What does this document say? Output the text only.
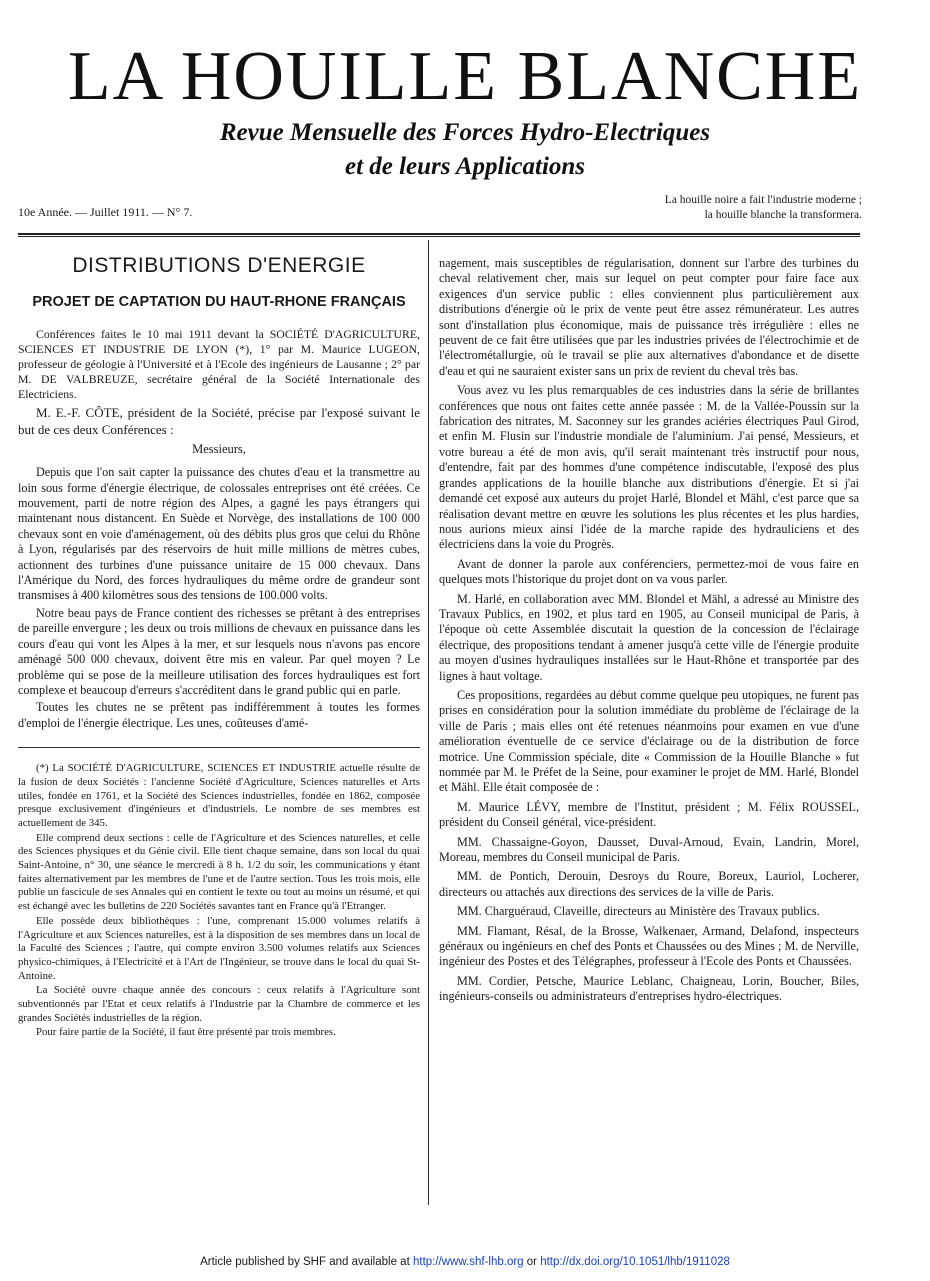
LA HOUILLE BLANCHE
Revue Mensuelle des Forces Hydro-Electriques
et de leurs Applications
10e Année. — Juillet 1911. — N° 7.
La houille noire a fait l'industrie moderne ;
la houille blanche la transformera.
DISTRIBUTIONS D'ENERGIE
PROJET DE CAPTATION DU HAUT-RHONE FRANÇAIS

Conférences faites le 10 mai 1911 devant la SOCIÉTÉ D'AGRICULTURE, SCIENCES ET INDUSTRIE DE LYON (*), 1° par M. Maurice LUGEON, professeur de géologie à l'Université et à l'Ecole des ingénieurs de Lausanne ; 2° par M. DE VALBREUZE, secrétaire général de la Société Internationale des Electriciens.

M. E.-F. CÔTE, président de la Société, précise par l'exposé suivant le but de ces deux Conférences :

Messieurs,

Depuis que l'on sait capter la puissance des chutes d'eau et la transmettre au loin sous forme d'énergie électrique, de colossales entreprises ont été créées. Ce mouvement, parti de notre région des Alpes, a gagné les pays étrangers qui maintenant nous distancent. En Suède et Norvège, des installations de 100 000 chevaux sont en voie d'aménagement, où des débits plus gros que celui du Rhône à Lyon, régularisés par des réservoirs de huit mille millions de mètres cubes, actionnent des turbines d'une puissance unitaire de 15 000 chevaux. Dans l'Amérique du Nord, des forces hydrauliques du même ordre de grandeur sont transmises à 400 kilomètres sous des tensions de 100.000 volts.

Notre beau pays de France contient des richesses se prêtant à des entreprises de pareille envergure ; les deux ou trois millions de chevaux en puissance dans les cours d'eau qui vont les Alpes à la mer, et sur lesquels nous n'avons pas encore aménagé 500 000 chevaux, doivent être mis en valeur. Par quel moyen ? Le problème qui se pose de la meilleure utilisation des forces hydrauliques est fort complexe et beaucoup d'erreurs s'accréditent dans le grand public qui en parle.

Toutes les chutes ne se prêtent pas indifféremment à toutes les formes d'emploi de l'énergie électrique. Les unes, coûteuses d'amé-

(*) La SOCIÉTÉ D'AGRICULTURE, SCIENCES ET INDUSTRIE actuelle résulte de la fusion de deux Sociétés : l'ancienne Société d'Agriculture, Sciences naturelles et Arts utiles, fondée en 1761, et la Société des Sciences industrielles, fondée en 1862, composée presque exclusivement d'ingénieurs et d'industriels. Le nombre de ses membres est actuellement de 345.

Elle comprend deux sections : celle de l'Agriculture et des Sciences naturelles, et celle des Sciences physiques et du Génie civil. Elle tient chaque semaine, dans son local du quai Saint-Antoine, n° 30, une séance le mercredi à 8 h. 1/2 du soir, les communications y étant faites alternativement par les membres de l'une et de l'autre section. Tous les trois mois, elle publie un fascicule de ses Annales qui en contient le texte ou tout au moins un résumé, et qui est échangé avec les bulletins de 220 Sociétés savantes tant en France qu'à l'Etranger.

Elle possède deux bibliothèques : l'une, comprenant 15.000 volumes relatifs à l'Agriculture et aux Sciences naturelles, est à la disposition de ses membres dans un local de la Faculté des Sciences ; l'autre, qui compte environ 3.500 volumes relatifs aux Sciences physico-chimiques, à l'Electricité et à l'Art de l'Ingénieur, se trouve dans le local du quai St-Antoine.

La Société ouvre chaque année des concours : ceux relatifs à l'Agriculture sont subventionnés par l'Etat et ceux relatifs à l'Industrie par la Chambre de commerce et les grandes Sociétés industrielles de la région.

Pour faire partie de la Société, il faut être présenté par trois membres.

nagement, mais susceptibles de régularisation, donnent sur l'arbre des turbines du cheval relativement cher, mais sur lequel on peut compter pour faire face aux exigences d'un service public : elles conviennent plus particulièrement aux distributions d'énergie où le prix de vente peut être assez rémunérateur. Les autres sont d'installation plus économique, mais de puissance très irrégulière : elles ne peuvent de ce fait être utilisées que par les industries privées de l'électrochimie et de l'électrométallurgie, où le travail se plie aux alternatives d'abondance et de disette d'eau et qui ne sauraient exister sans un prix de revient du cheval très bas.

Vous avez vu les plus remarquables de ces industries dans la série de brillantes conférences que nous ont faites cette année passée : M. de la Vallée-Poussin sur la fabrication des nitrates, M. Saconney sur les grandes aciéries électriques Paul Girod, et enfin M. Flusin sur l'industrie mondiale de l'aluminium. J'ai pensé, Messieurs, et votre bureau a été de mon avis, qu'il serait maintenant très instructif pour nous, d'entendre, fait par des hommes d'une compétence indiscutable, l'exposé des plus grandes applications de la houille blanche aux distributions d'énergie. Et si j'ai demandé cet exposé aux auteurs du projet Harlé, Blondel et Mähl, c'est parce que sa réalisation devant mettre en œuvre les solutions les plus récentes et les plus hardies, nous aurions mieux ainsi l'idée de la marche rapide des hydrauliciens et des électriciens dans la voie du Progrès.

Avant de donner la parole aux conférenciers, permettez-moi de vous faire en quelques mots l'historique du projet dont on va vous parler.

M. Harlé, en collaboration avec MM. Blondel et Mähl, a adressé au Ministre des Travaux Publics, en 1902, et plus tard en 1905, au Conseil municipal de Paris, à l'époque où cette Assemblée discutait la question de la concession de l'éclairage électrique, des propositions tendant à amener jusqu'à cette ville de l'énergie produite au moyen d'usines hydrauliques installées sur le Haut-Rhône et transportée par des lignes à haut voltage.

Ces propositions, regardées au début comme quelque peu utopiques, ne furent pas prises en considération pour la solution immédiate du problème de l'éclairage de la ville de Paris ; mais elles ont été retenues néanmoins pour examen en vue d'une amélioration éventuelle de ce service d'éclairage ou de la distribution de force motrice. Une Commission spéciale, dite « Commission de la Houille Blanche » fut nommée par M. le Préfet de la Seine, pour examiner le projet de MM. Harlé, Blondel et Mähl. Elle était composée de :

M. Maurice LÉVY, membre de l'Institut, président ; M. Félix ROUSSEL, président du Conseil général, vice-président.

MM. Chassaigne-Goyon, Dausset, Duval-Arnoud, Evain, Landrin, Morel, Moreau, membres du Conseil municipal de Paris.

MM. de Pontich, Derouin, Desroys du Roure, Boreux, Lauriol, Locherer, directeurs ou attachés aux directions des services de la ville de Paris.

MM. Charguéraud, Claveille, directeurs au Ministère des Travaux publics.

MM. Flamant, Résal, de la Brosse, Walkenaer, Armand, Delafond, inspecteurs généraux ou ingénieurs en chef des Ponts et Chaussées ou des Mines ; M. de Nerville, ingénieur des Postes et des Télégraphes, professeur à l'Ecole des Ponts et Chaussées.

MM. Cordier, Petsche, Maurice Leblanc, Chaigneau, Lorin, Boucher, Biles, ingénieurs-conseils ou administrateurs d'entreprises hydro-électriques.

Article published by SHF and available at http://www.shf-lhb.org or http://dx.doi.org/10.1051/lhb/1911028
